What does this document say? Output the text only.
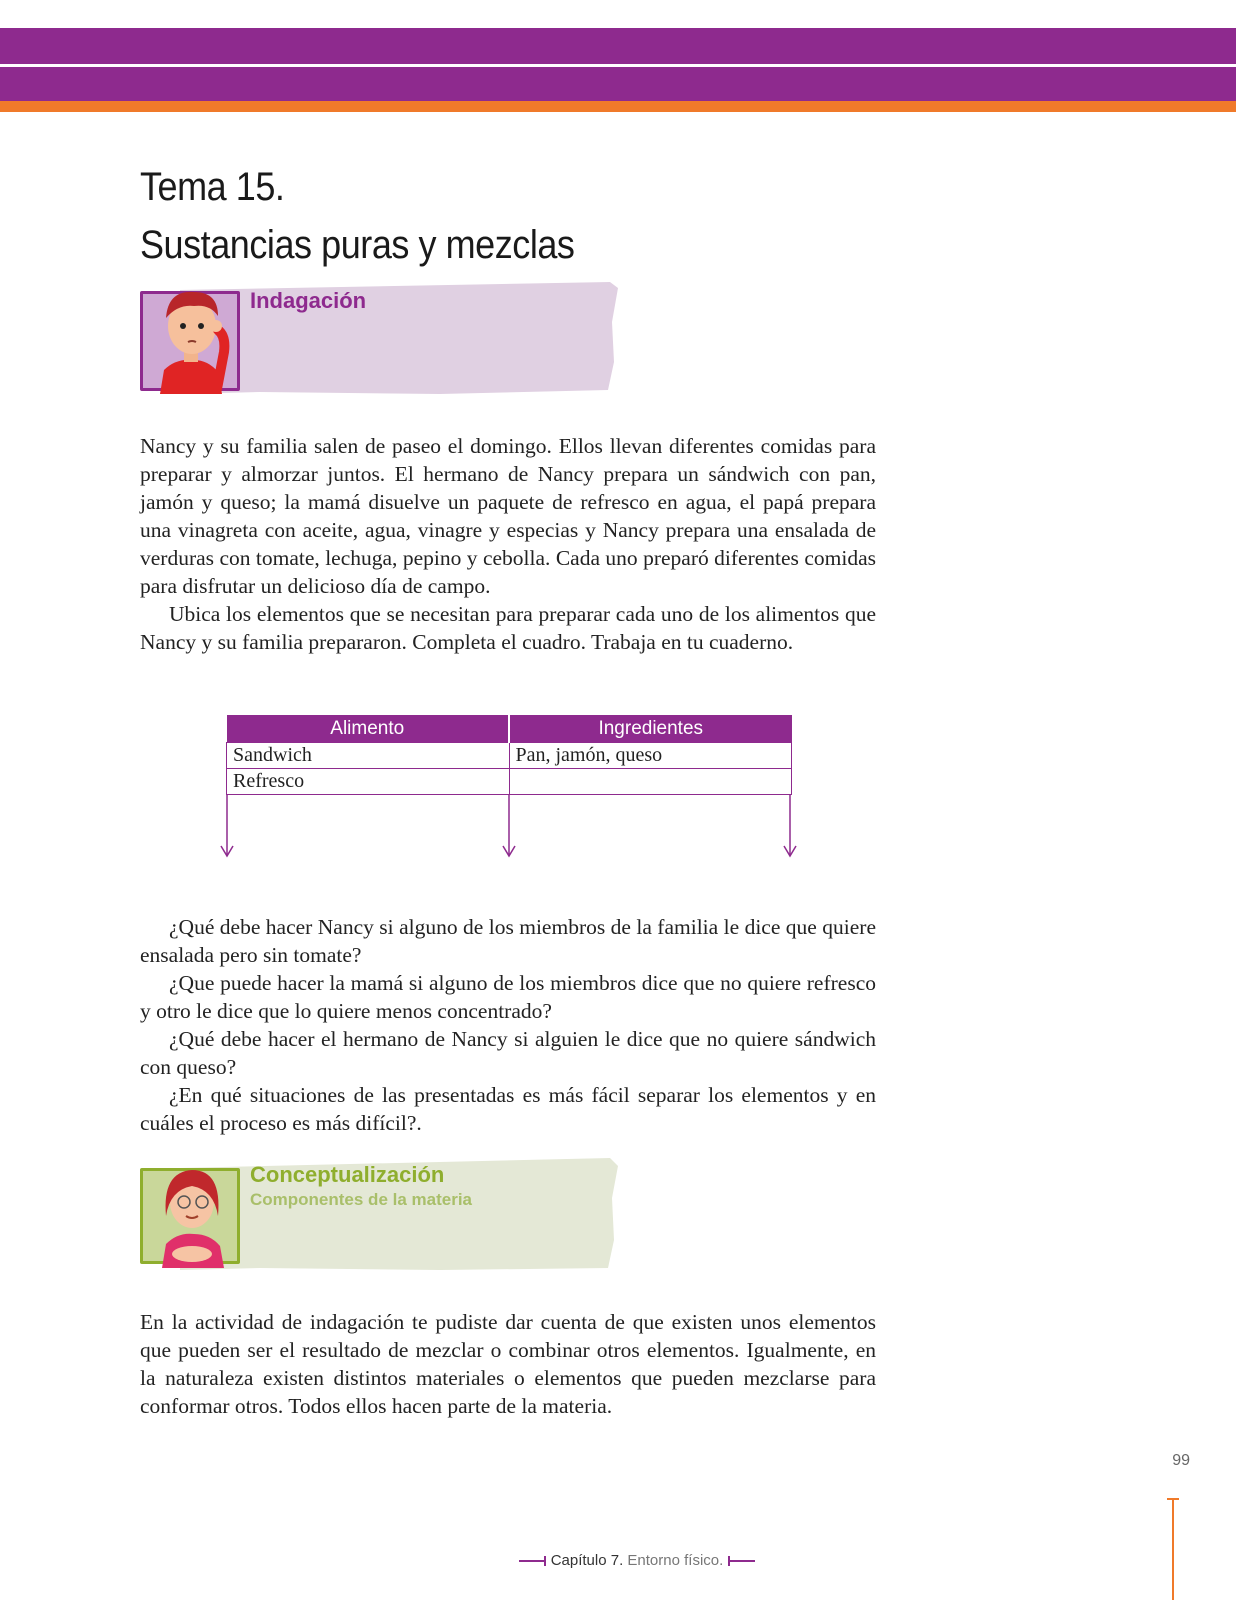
Tema 15.
Sustancias puras y mezclas
Indagación

Nancy y su familia salen de paseo el domingo. Ellos llevan diferentes comidas para preparar y almorzar juntos. El hermano de Nancy prepara un sándwich con pan, jamón y queso; la mamá disuelve un paquete de refresco en agua, el papá prepara una vinagreta con aceite, agua, vinagre y especias y Nancy prepara una ensalada de verduras con tomate, lechuga, pepino y cebolla. Cada uno preparó diferentes comidas para disfrutar un delicioso día de campo.

Ubica los elementos que se necesitan para preparar cada uno de los alimentos que Nancy y su familia prepararon. Completa el cuadro. Trabaja en tu cuaderno.

Alimento	Ingredientes
Sandwich	Pan, jamón, queso
Refresco	

¿Qué debe hacer Nancy si alguno de los miembros de la familia le dice que quiere ensalada pero sin tomate?

¿Que puede hacer la mamá si alguno de los miembros dice que no quiere refresco y otro le dice que lo quiere menos concentrado?

¿Qué debe hacer el hermano de Nancy si alguien le dice que no quiere sándwich con queso?

¿En qué situaciones de las presentadas es más fácil separar los elementos y en cuáles el proceso es más difícil?.

Conceptualización
Componentes de la materia

En la actividad de indagación te pudiste dar cuenta de que existen unos elementos que pueden ser el resultado de mezclar o combinar otros elementos. Igualmente, en la naturaleza existen distintos materiales o elementos que pueden mezclarse para conformar otros. Todos ellos hacen parte de la materia.

99
Capítulo 7. Entorno físico.
